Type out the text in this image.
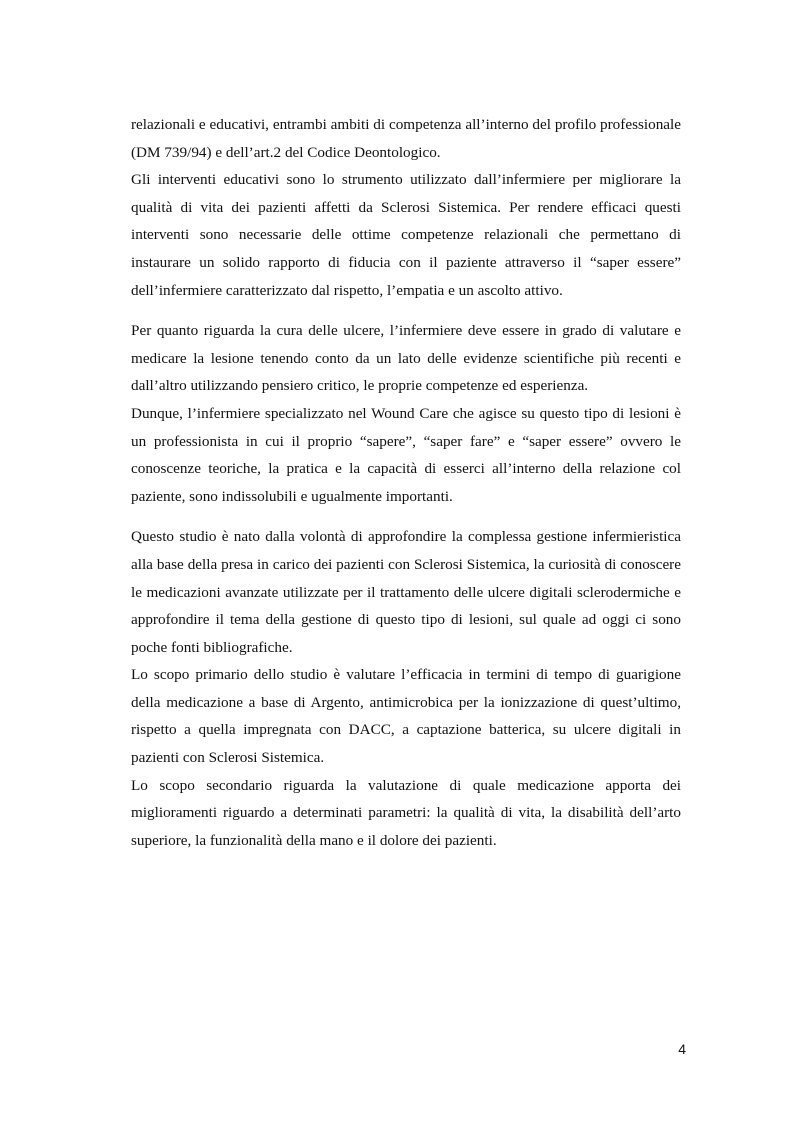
relazionali e educativi, entrambi ambiti di competenza all’interno del profilo professionale (DM 739/94) e dell’art.2 del Codice Deontologico.

Gli interventi educativi sono lo strumento utilizzato dall’infermiere per migliorare la qualità di vita dei pazienti affetti da Sclerosi Sistemica. Per rendere efficaci questi interventi sono necessarie delle ottime competenze relazionali che permettano di instaurare un solido rapporto di fiducia con il paziente attraverso il “saper essere” dell’infermiere caratterizzato dal rispetto, l’empatia e un ascolto attivo.

Per quanto riguarda la cura delle ulcere, l’infermiere deve essere in grado di valutare e medicare la lesione tenendo conto da un lato delle evidenze scientifiche più recenti e dall’altro utilizzando pensiero critico, le proprie competenze ed esperienza.

Dunque, l’infermiere specializzato nel Wound Care che agisce su questo tipo di lesioni è un professionista in cui il proprio “sapere”, “saper fare” e “saper essere” ovvero le conoscenze teoriche, la pratica e la capacità di esserci all’interno della relazione col paziente, sono indissolubili e ugualmente importanti.

Questo studio è nato dalla volontà di approfondire la complessa gestione infermieristica alla base della presa in carico dei pazienti con Sclerosi Sistemica, la curiosità di conoscere le medicazioni avanzate utilizzate per il trattamento delle ulcere digitali sclerodermiche e approfondire il tema della gestione di questo tipo di lesioni, sul quale ad oggi ci sono poche fonti bibliografiche.

Lo scopo primario dello studio è valutare l’efficacia in termini di tempo di guarigione della medicazione a base di Argento, antimicrobica per la ionizzazione di quest’ultimo, rispetto a quella impregnata con DACC, a captazione batterica, su ulcere digitali in pazienti con Sclerosi Sistemica.

Lo scopo secondario riguarda la valutazione di quale medicazione apporta dei miglioramenti riguardo a determinati parametri: la qualità di vita, la disabilità dell’arto superiore, la funzionalità della mano e il dolore dei pazienti.

4
